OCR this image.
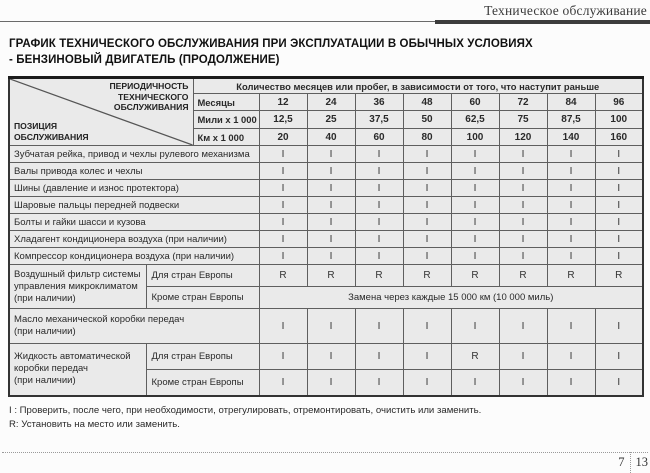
Техническое обслуживание
ГРАФИК ТЕХНИЧЕСКОГО ОБСЛУЖИВАНИЯ ПРИ ЭКСПЛУАТАЦИИ В ОБЫЧНЫХ УСЛОВИЯХ
- БЕНЗИНОВЫЙ ДВИГАТЕЛЬ (ПРОДОЛЖЕНИЕ)
ПЕРИОДИЧНОСТЬ
ТЕХНИЧЕСКОГО
ОБСЛУЖИВАНИЯ
ПОЗИЦИЯ
ОБСЛУЖИВАНИЯ		Количество месяцев или пробег, в зависимости от того, что наступит раньше								
		Месяцы	12	24	36	48	60	72	84	96
		Мили x 1 000	12,5	25	37,5	50	62,5	75	87,5	100
		Км x 1 000	20	40	60	80	100	120	140	160
Зубчатая рейка, привод и чехлы рулевого механизма			I	I	I	I	I	I	I	I
Валы привода колес и чехлы			I	I	I	I	I	I	I	I
Шины (давление и износ протектора)			I	I	I	I	I	I	I	I
Шаровые пальцы передней подвески			I	I	I	I	I	I	I	I
Болты и гайки шасси и кузова			I	I	I	I	I	I	I	I
Хладагент кондиционера воздуха (при наличии)			I	I	I	I	I	I	I	I
Компрессор кондиционера воздуха (при наличии)			I	I	I	I	I	I	I	I

Воздушный фильтр системы
управления микроклиматом
(при наличии)	Для стран Европы		R	R	R	R	R	R	R	R
	Кроме стран Европы		Замена через каждые 15 000 км (10 000 миль)							

Масло механической коробки передач
(при наличии)			I	I	I	I	I	I	I	I

Жидкость автоматической
коробки передач
(при наличии)	Для стран Европы		I	I	I	I	R	I	I	I
	Кроме стран Европы		I	I	I	I	I	I	I	I
I : Проверить, после чего, при необходимости, отрегулировать, отремонтировать, очистить или заменить.
R: Установить на место или заменить.
7 13
